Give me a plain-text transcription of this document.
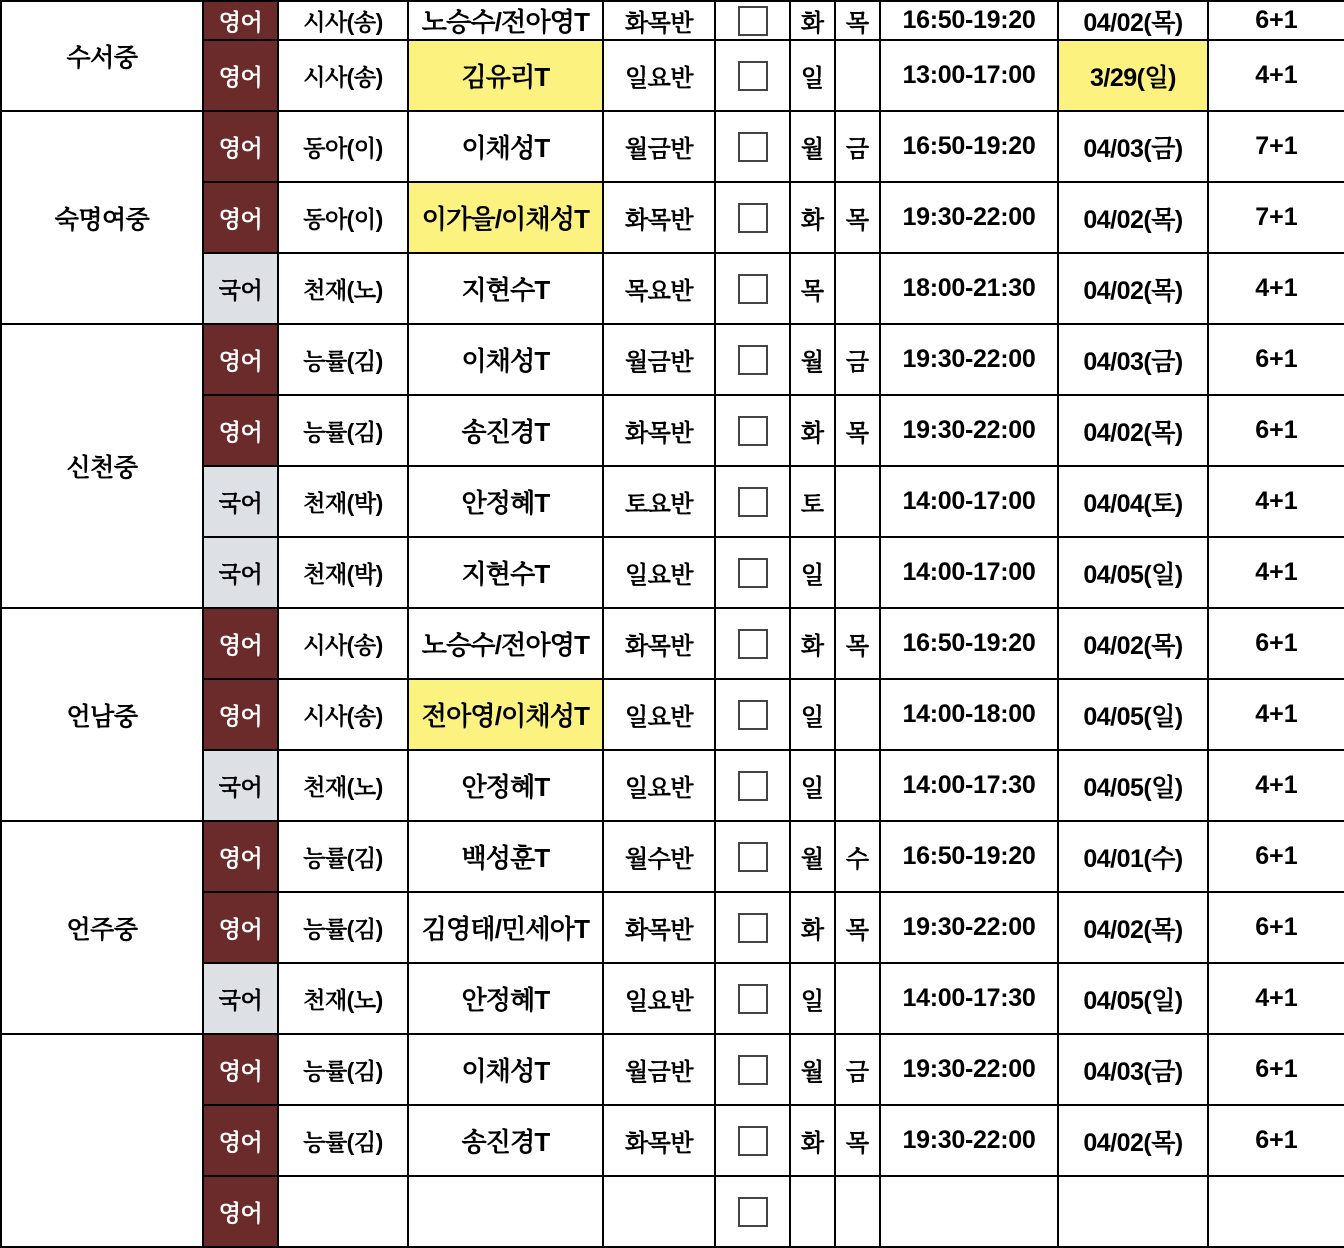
수서중	영어	시사(송)	노승수/전아영T	화목반		화	목	16:50-19:20	04/02(목)	6+1
	영어	시사(송)	김유리T	일요반		일		13:00-17:00	3/29(일)	4+1
숙명여중	영어	동아(이)	이채성T	월금반		월	금	16:50-19:20	04/03(금)	7+1
	영어	동아(이)	이가을/이채성T	화목반		화	목	19:30-22:00	04/02(목)	7+1
	국어	천재(노)	지현수T	목요반		목		18:00-21:30	04/02(목)	4+1
신천중	영어	능률(김)	이채성T	월금반		월	금	19:30-22:00	04/03(금)	6+1
	영어	능률(김)	송진경T	화목반		화	목	19:30-22:00	04/02(목)	6+1
	국어	천재(박)	안정혜T	토요반		토		14:00-17:00	04/04(토)	4+1
	국어	천재(박)	지현수T	일요반		일		14:00-17:00	04/05(일)	4+1
언남중	영어	시사(송)	노승수/전아영T	화목반		화	목	16:50-19:20	04/02(목)	6+1
	영어	시사(송)	전아영/이채성T	일요반		일		14:00-18:00	04/05(일)	4+1
	국어	천재(노)	안정혜T	일요반		일		14:00-17:30	04/05(일)	4+1
언주중	영어	능률(김)	백성훈T	월수반		월	수	16:50-19:20	04/01(수)	6+1
	영어	능률(김)	김영태/민세아T	화목반		화	목	19:30-22:00	04/02(목)	6+1
	국어	천재(노)	안정혜T	일요반		일		14:00-17:30	04/05(일)	4+1
	영어	능률(김)	이채성T	월금반		월	금	19:30-22:00	04/03(금)	6+1
	영어	능률(김)	송진경T	화목반		화	목	19:30-22:00	04/02(목)	6+1
	영어				
